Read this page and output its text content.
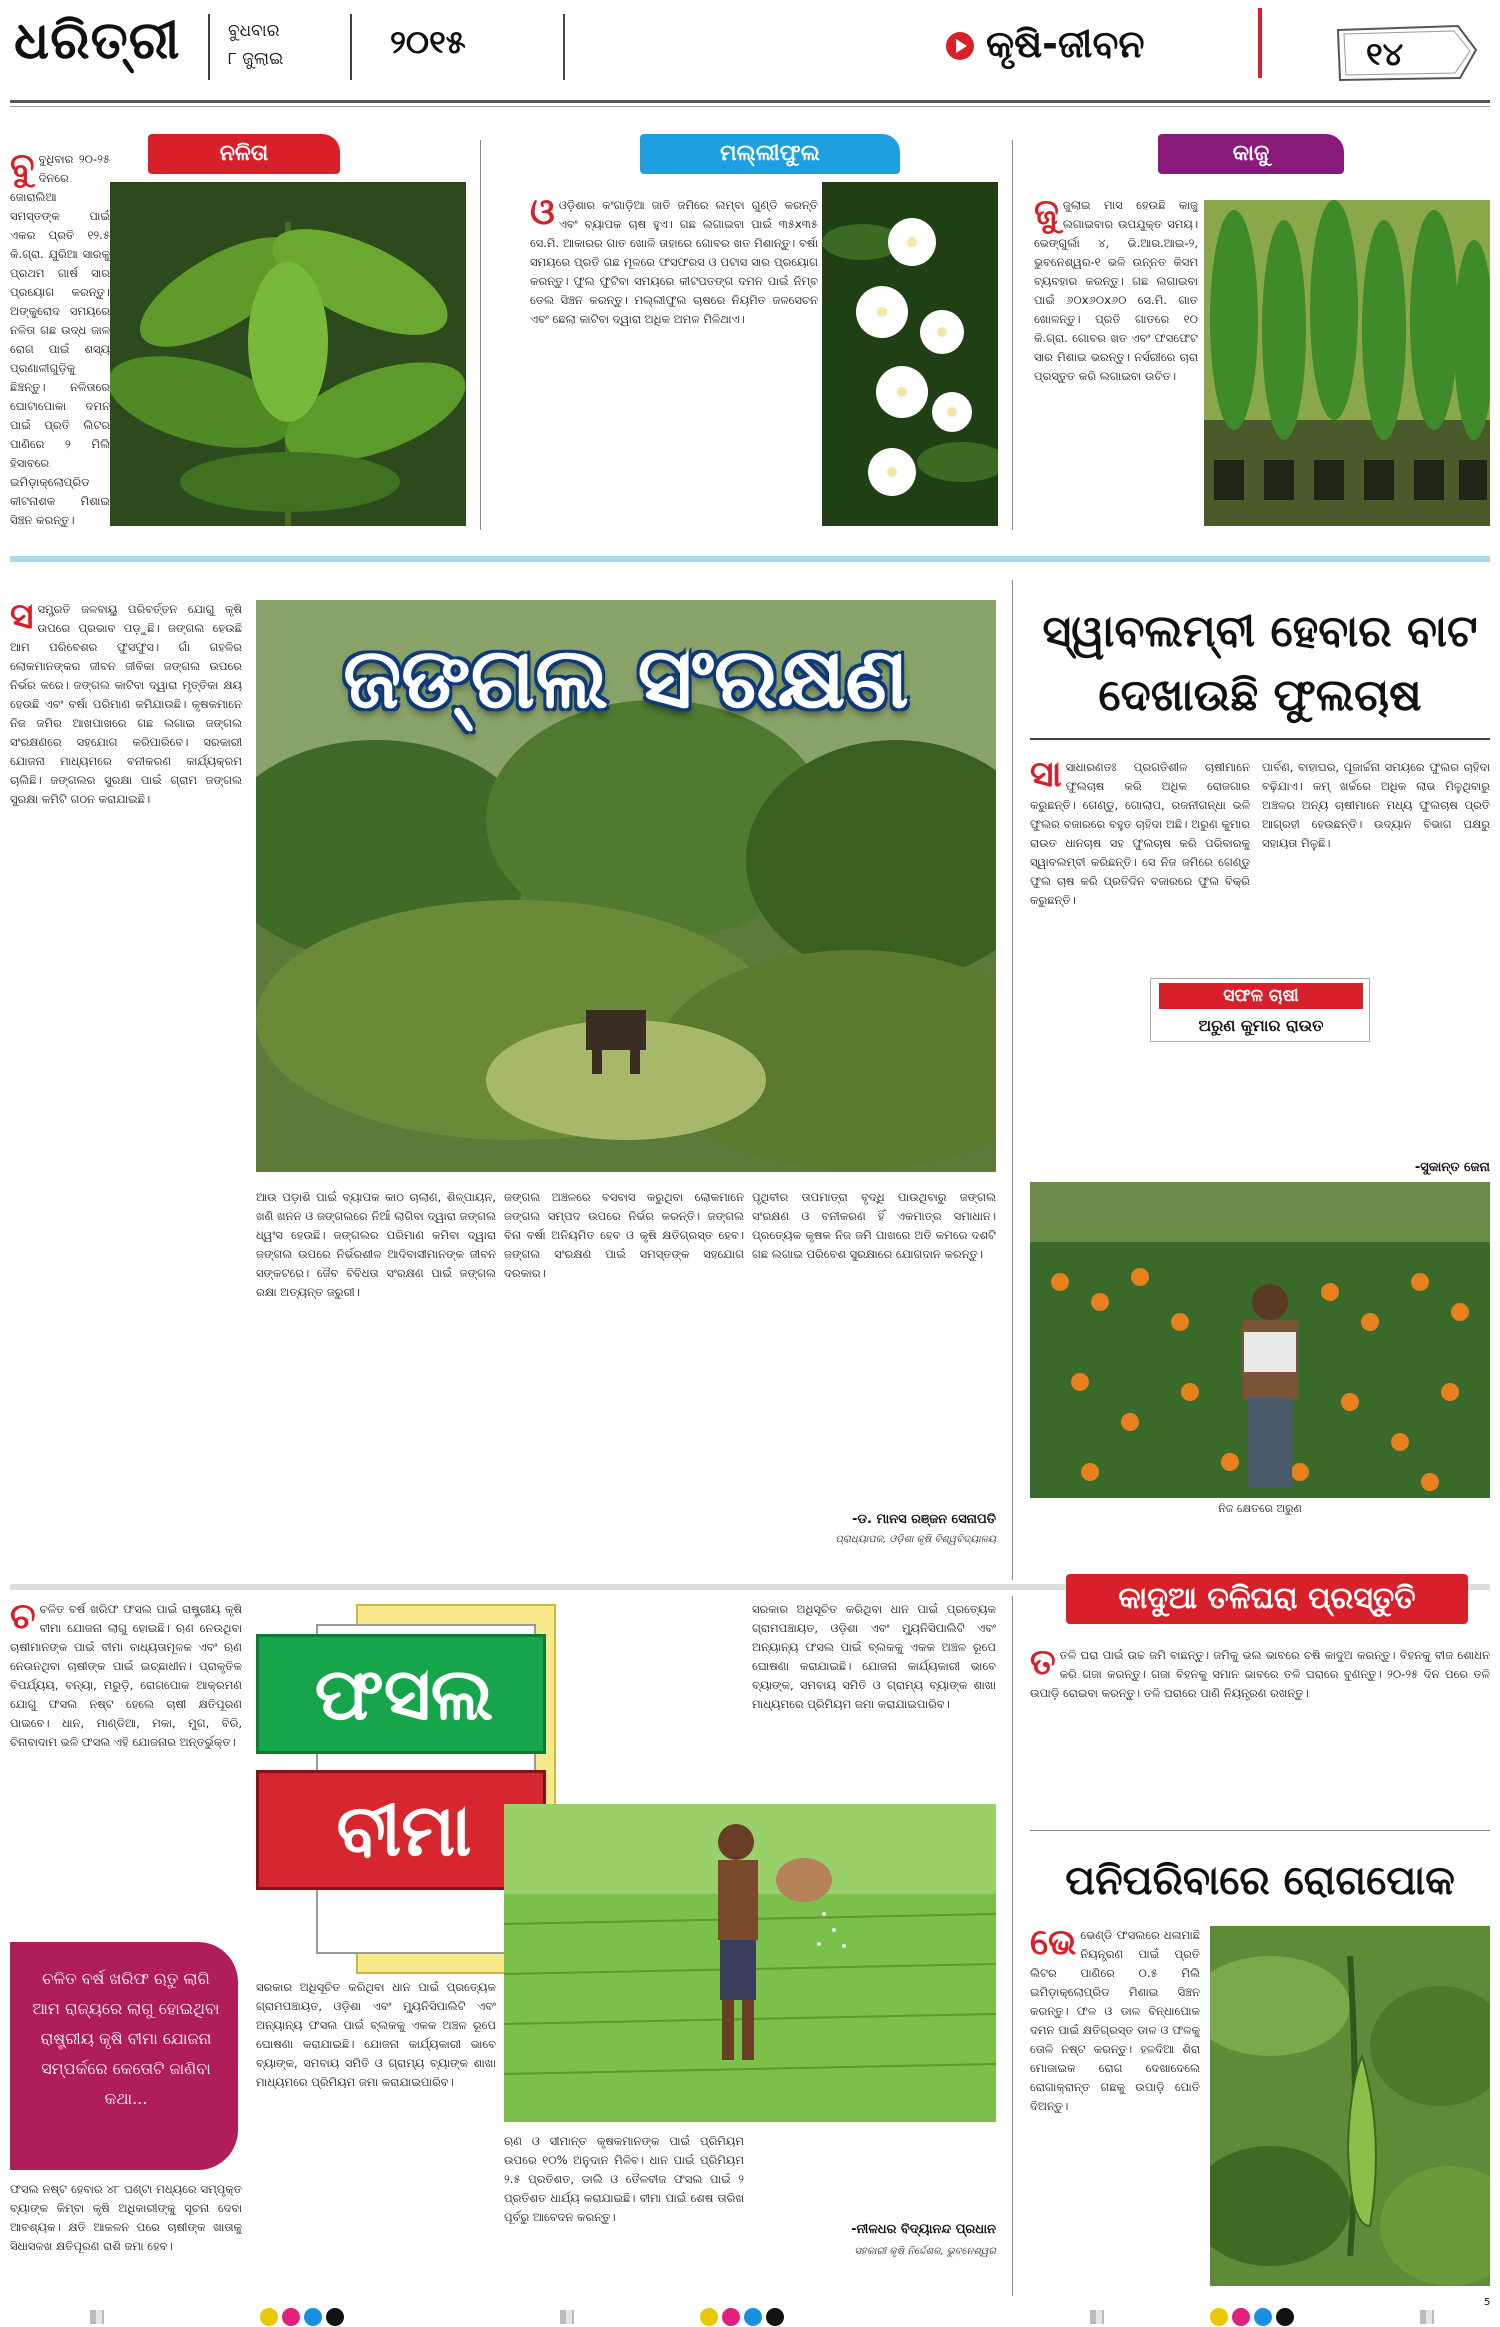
ଧରିତ୍ରୀ	ବୁଧବାର
୮ ଜୁଲାଇ	୨୦୧୫	କୃଷି-ଜୀବନ	୧୪
ନଳିତା	ମଲ୍ଲୀଫୁଲ	କାଜୁ
ବୁବୁଧିବାର ୨୦-୨୫ ଦିନରେ ଜୋରାଲିଆ ସମସ୍ତଙ୍କ ପାଇଁ ଏକର ପ୍ରତି ୧୨.୫ କି.ଗ୍ରା. ଯୁରିଆ ସାରକୁ ପ୍ରଥମ ଗାର୍ଷ ସାର ପ୍ରୟୋଗ କରନ୍ତୁ। ଅଙ୍କୁରୋଦ ସମୟରେ ନଳିତା ଗଛ ଉଦ୍ଧ ଜାଳ ରୋଗ ପାଇଁ ଶସ୍ୟ ପ୍ରଣାଳୀଗୁଡ଼ିକୁ ଛିଞ୍ଚନ୍ତୁ। ନଳିତାରେ ଘୋଟାପୋକା ଦମନ ପାଇଁ ପ୍ରତି ଲିଟର ପାଣିରେ ୨ ମିଲି ହିସାବରେ ଇମିଡ଼ାକ୍ଲୋପ୍ରିଡ କୀଟନାଶକ ମିଶାଇ ସିଞ୍ଚନ କରନ୍ତୁ।
ଓଓଡ଼ିଶାର କଂଗାଡ଼ିଆ ଜାତି ଜମିରେ ଲମ୍ବା ଗୁଣ୍ଡି କରନ୍ତି ଏବଂ ବ୍ୟାପକ ଚାଷ ହୁଏ। ଗଛ ଲଗାଇବା ପାଇଁ ୩୫x୩୫ ସେ.ମି. ଆକାରର ଗାତ ଖୋଳି ତାହାରେ ଗୋବର ଖତ ମିଶାନ୍ତୁ। ବର୍ଷା ସମୟରେ ପ୍ରତି ଗଛ ମୂଳରେ ଫସଫରସ ଓ ପଟାସ ସାର ପ୍ରୟୋଗ କରନ୍ତୁ। ଫୁଲ ଫୁଟିବା ସମୟରେ କୀଟପତଙ୍ଗ ଦମନ ପାଇଁ ନିମ୍ବ ତେଲ ସିଞ୍ଚନ କରନ୍ତୁ। ମଲ୍ଲୀଫୁଲ ଚାଷରେ ନିୟମିତ ଜଳସେଚନ ଏବଂ ଛେଲା କାଟିବା ଦ୍ୱାରା ଅଧିକ ଅମଳ ମିଳିଥାଏ।
ଜୁଜୁଲାଇ ମାସ ହେଉଛି କାଜୁ ଲଗାଇବାର ଉପଯୁକ୍ତ ସମୟ। ଭେଙ୍ଗୁର୍ଲା ୪, ଭି.ଆର.ଆଇ-୨, ଭୁବନେଶ୍ୱର-୧ ଭଳି ଉନ୍ନତ କିସମ ବ୍ୟବହାର କରନ୍ତୁ। ଗଛ ଲଗାଇବା ପାଇଁ ୬୦x୬୦x୬୦ ସେ.ମି. ଗାତ ଖୋଳନ୍ତୁ। ପ୍ରତି ଗାତରେ ୧୦ କି.ଗ୍ରା. ଗୋବର ଖତ ଏବଂ ଫସଫେଟ ସାର ମିଶାଇ ଭରନ୍ତୁ। ନର୍ସରୀରେ ଚାରା ପ୍ରସ୍ତୁତ କରି ଲଗାଇବା ଉଚିତ।
ସସମ୍ପ୍ରତି ଜଳବାୟୁ ପରିବର୍ତ୍ତନ ଯୋଗୁ କୃଷି ଉପରେ ପ୍ରଭାବ ପଡ଼ୁଛି। ଜଙ୍ଗଲ ହେଉଛି ଆମ ପରିବେଶର ଫୁସଫୁସ। ଗାଁ ଗହଳିର ଲୋକମାନଙ୍କର ଜୀବନ ଜୀବିକା ଜଙ୍ଗଲ ଉପରେ ନିର୍ଭର କରେ। ଜଙ୍ଗଲ କାଟିବା ଦ୍ୱାରା ମୃତ୍ତିକା କ୍ଷୟ ହେଉଛି ଏବଂ ବର୍ଷା ପରିମାଣ କମିଯାଉଛି। କୃଷକମାନେ ନିଜ ଜମିର ଆଖପାଖରେ ଗଛ ଲଗାଇ ଜଙ୍ଗଲ ସଂରକ୍ଷଣରେ ସହଯୋଗ କରିପାରିବେ। ସରକାରୀ ଯୋଜନା ମାଧ୍ୟମରେ ବନୀକରଣ କାର୍ଯ୍ୟକ୍ରମ ଚାଲିଛି। ଜଙ୍ଗଲର ସୁରକ୍ଷା ପାଇଁ ଗ୍ରାମ ଜଙ୍ଗଲ ସୁରକ୍ଷା କମିଟି ଗଠନ କରାଯାଇଛି।
ଜଙ୍ଗଲ ସଂରକ୍ଷଣ
ଆଉ ପଡ଼ାଶି ପାଇଁ ବ୍ୟାପକ କାଠ ଚାଲାଣ, ଶିଳ୍ପାୟନ, ଖଣି ଖନନ ଓ ଜଙ୍ଗଲରେ ନିଆଁ ଲାଗିବା ଦ୍ୱାରା ଜଙ୍ଗଲ ଧ୍ୱଂସ ହେଉଛି। ଜଙ୍ଗଲର ପରିମାଣ କମିବା ଦ୍ୱାରା ଜଙ୍ଗଲ ଉପରେ ନିର୍ଭରଶୀଳ ଆଦିବାସୀମାନଙ୍କ ଜୀବନ ସଙ୍କଟରେ। ଜୈବ ବିବିଧତା ସଂରକ୍ଷଣ ପାଇଁ ଜଙ୍ଗଲ ରକ୍ଷା ଅତ୍ୟନ୍ତ ଜରୁରୀ।
ଜଙ୍ଗଲ ଅଞ୍ଚଳରେ ବସବାସ କରୁଥିବା ଲୋକମାନେ ଜଙ୍ଗଲ ସମ୍ପଦ ଉପରେ ନିର୍ଭର କରନ୍ତି। ଜଙ୍ଗଲ ବିନା ବର୍ଷା ଅନିୟମିତ ହେବ ଓ କୃଷି କ୍ଷତିଗ୍ରସ୍ତ ହେବ। ଜଙ୍ଗଲ ସଂରକ୍ଷଣ ପାଇଁ ସମସ୍ତଙ୍କ ସହଯୋଗ ଦରକାର।
ପୃଥିବୀର ତାପମାତ୍ରା ବୃଦ୍ଧି ପାଉଥିବାରୁ ଜଙ୍ଗଲ ସଂରକ୍ଷଣ ଓ ବନୀକରଣ ହିଁ ଏକମାତ୍ର ସମାଧାନ। ପ୍ରତ୍ୟେକ କୃଷକ ନିଜ ଜମି ପାଖରେ ଅତି କମରେ ଦଶଟି ଗଛ ଲଗାଇ ପରିବେଶ ସୁରକ୍ଷାରେ ଯୋଗଦାନ କରନ୍ତୁ।
-ଡ. ମାନସ ରଞ୍ଜନ ସେନାପତି
ପ୍ରାଧ୍ୟାପକ, ଓଡ଼ିଶା କୃଷି ବିଶ୍ୱବିଦ୍ୟାଳୟ
ସ୍ୱାବଲମ୍ବୀ ହେବାର ବାଟ
ଦେଖାଉଛି ଫୁଲଚାଷ
ସାସାଧାରଣତଃ ପ୍ରଗତିଶୀଳ ଚାଷୀମାନେ ଫୁଲଚାଷ କରି ଅଧିକ ରୋଜଗାର କରୁଛନ୍ତି। ଗେଣ୍ଡୁ, ଗୋଲାପ, ରଜନୀଗନ୍ଧା ଭଳି ଫୁଲର ବଜାରରେ ବହୁତ ଚାହିଦା ଅଛି। ଅରୁଣ କୁମାର ରାଉତ ଧାନଚାଷ ସହ ଫୁଲଚାଷ କରି ପରିବାରକୁ ସ୍ୱାବଲମ୍ବୀ କରିଛନ୍ତି। ସେ ନିଜ ଜମିରେ ଗେଣ୍ଡୁ ଫୁଲ ଚାଷ କରି ପ୍ରତିଦିନ ବଜାରରେ ଫୁଲ ବିକ୍ରି କରୁଛନ୍ତି।
ପାର୍ବଣ, ବାହାଘର, ପୂଜାର୍ଚ୍ଚନା ସମୟରେ ଫୁଲର ଚାହିଦା ବଢ଼ିଯାଏ। କମ୍ ଖର୍ଚ୍ଚରେ ଅଧିକ ଲାଭ ମିଳୁଥିବାରୁ ଅଞ୍ଚଳର ଅନ୍ୟ ଚାଷୀମାନେ ମଧ୍ୟ ଫୁଲଚାଷ ପ୍ରତି ଆଗ୍ରହୀ ହେଉଛନ୍ତି। ଉଦ୍ୟାନ ବିଭାଗ ପକ୍ଷରୁ ସହାୟତା ମିଳୁଛି।
ସଫଳ ଚାଷୀ
ଅରୁଣ କୁମାର ରାଉତ
-ସୁକାନ୍ତ ଜେନା
ନିଜ କ୍ଷେତରେ ଅରୁଣ
କାଦୁଆ ତଳିଘରା ପ୍ରସ୍ତୁତି
ତତଳି ଘରା ପାଇଁ ଉଚ୍ଚ ଜମି ବାଛନ୍ତୁ। ଜମିକୁ ଭଲ ଭାବରେ ଚଷି କାଦୁଅ କରନ୍ତୁ। ବିହନକୁ ବୀଜ ଶୋଧନ କରି ଗଜା କରନ୍ତୁ। ଗଜା ବିହନକୁ ସମାନ ଭାବରେ ତଳି ଘରାରେ ବୁଣନ୍ତୁ। ୨୦-୨୫ ଦିନ ପରେ ତଳି ଉପାଡ଼ି ରୋଇବା କରନ୍ତୁ। ତଳି ଘରାରେ ପାଣି ନିୟନ୍ତ୍ରଣ ରଖନ୍ତୁ।
ପନିପରିବାରେ ରୋଗପୋକ
ଭେଭେଣ୍ଡି ଫସଲରେ ଧଳାମାଛି ନିୟନ୍ତ୍ରଣ ପାଇଁ ପ୍ରତି ଲିଟର ପାଣିରେ ୦.୫ ମିଲି ଇମିଡ଼ାକ୍ଲୋପ୍ରିଡ ମିଶାଇ ସିଞ୍ଚନ କରନ୍ତୁ। ଫଳ ଓ ଡାଳ ବିନ୍ଧାପୋକ ଦମନ ପାଇଁ କ୍ଷତିଗ୍ରସ୍ତ ଡାଳ ଓ ଫଳକୁ ତୋଳି ନଷ୍ଟ କରନ୍ତୁ। ହଳଦିଆ ଶିରା ମୋଜାଇକ ରୋଗ ଦେଖାଦେଲେ ରୋଗାକ୍ରାନ୍ତ ଗଛକୁ ଉପାଡ଼ି ପୋତି ଦିଅନ୍ତୁ।
ଚଚଳିତ ବର୍ଷ ଖରିଫ ଫସଲ ପାଇଁ ରାଷ୍ଟ୍ରୀୟ କୃଷି ବୀମା ଯୋଜନା ଲାଗୁ ହୋଇଛି। ଋଣ ନେଉଥିବା ଚାଷୀମାନଙ୍କ ପାଇଁ ବୀମା ବାଧ୍ୟତାମୂଳକ ଏବଂ ଋଣ ନେଉନଥିବା ଚାଷୀଙ୍କ ପାଇଁ ଇଚ୍ଛାଧୀନ। ପ୍ରାକୃତିକ ବିପର୍ଯ୍ୟୟ, ବନ୍ୟା, ମରୁଡ଼ି, ରୋଗପୋକ ଆକ୍ରମଣ ଯୋଗୁ ଫସଲ ନଷ୍ଟ ହେଲେ ଚାଷୀ କ୍ଷତିପୂରଣ ପାଇବେ। ଧାନ, ମାଣ୍ଡିଆ, ମକା, ମୁଗ, ବିରି, ଚିନାବାଦାମ ଭଳି ଫସଲ ଏହି ଯୋଜନାର ଅନ୍ତର୍ଭୁକ୍ତ।
ଚଳିତ ବର୍ଷ ଖରିଫ ଋତୁ ଲାଗି ଆମ ରାଜ୍ୟରେ ଲାଗୁ ହୋଇଥିବା ରାଷ୍ଟ୍ରୀୟ କୃଷି ବୀମା ଯୋଜନା ସମ୍ପର୍କରେ କେତୋଟି ଜାଣିବା କଥା...
ଫସଲ ନଷ୍ଟ ହେବାର ୪୮ ଘଣ୍ଟା ମଧ୍ୟରେ ସମ୍ପୃକ୍ତ ବ୍ୟାଙ୍କ କିମ୍ବା କୃଷି ଅଧିକାରୀଙ୍କୁ ସୂଚନା ଦେବା ଆବଶ୍ୟକ। କ୍ଷତି ଆକଳନ ପରେ ଚାଷୀଙ୍କ ଖାତାକୁ ସିଧାସଳଖ କ୍ଷତିପୂରଣ ରାଶି ଜମା ହେବ।
ଫସଲ
ବୀମା
ସରକାର ଅଧିସୂଚିତ କରିଥିବା ଧାନ ପାଇଁ ପ୍ରତ୍ୟେକ ଗ୍ରାମପଞ୍ଚାୟତ, ଓଡ଼ିଶା ଏବଂ ମ୍ୟୁନିସିପାଲିଟି ଏବଂ ଅନ୍ୟାନ୍ୟ ଫସଲ ପାଇଁ ବ୍ଲକକୁ ଏକକ ଅଞ୍ଚଳ ରୂପେ ଘୋଷଣା କରାଯାଇଛି। ଯୋଜନା କାର୍ଯ୍ୟକାରୀ ଭାବେ ବ୍ୟାଙ୍କ, ସମବାୟ ସମିତି ଓ ଗ୍ରାମ୍ୟ ବ୍ୟାଙ୍କ ଶାଖା ମାଧ୍ୟମରେ ପ୍ରିମିୟମ ଜମା କରାଯାଇପାରିବ।
ଋଣ ଓ ସୀମାନ୍ତ କୃଷକମାନଙ୍କ ପାଇଁ ପ୍ରିମିୟମ ଉପରେ ୧୦% ଅନୁଦାନ ମିଳିବ। ଧାନ ପାଇଁ ପ୍ରିମିୟମ ୨.୫ ପ୍ରତିଶତ, ଡାଲି ଓ ତୈଳବୀଜ ଫସଲ ପାଇଁ ୨ ପ୍ରତିଶତ ଧାର୍ଯ୍ୟ କରାଯାଇଛି। ବୀମା ପାଇଁ ଶେଷ ତାରିଖ ପୂର୍ବରୁ ଆବେଦନ କରନ୍ତୁ।
ସରକାର ଅଧିସୂଚିତ କରିଥିବା ଧାନ ପାଇଁ ପ୍ରତ୍ୟେକ ଗ୍ରାମପଞ୍ଚାୟତ, ଓଡ଼ିଶା ଏବଂ ମ୍ୟୁନିସିପାଲିଟି ଏବଂ ଅନ୍ୟାନ୍ୟ ଫସଲ ପାଇଁ ବ୍ଲକକୁ ଏକକ ଅଞ୍ଚଳ ରୂପେ ଘୋଷଣା କରାଯାଇଛି। ଯୋଜନା କାର୍ଯ୍ୟକାରୀ ଭାବେ ବ୍ୟାଙ୍କ, ସମବାୟ ସମିତି ଓ ଗ୍ରାମ୍ୟ ବ୍ୟାଙ୍କ ଶାଖା ମାଧ୍ୟମରେ ପ୍ରିମିୟମ ଜମା କରାଯାଇପାରିବ।
-ନୀଳଧର ବିଦ୍ୟାନନ୍ଦ ପ୍ରଧାନ
ସହକାରୀ କୃଷି ନିର୍ଦ୍ଦେଶକ, ଭୁବନେଶ୍ୱର
5
